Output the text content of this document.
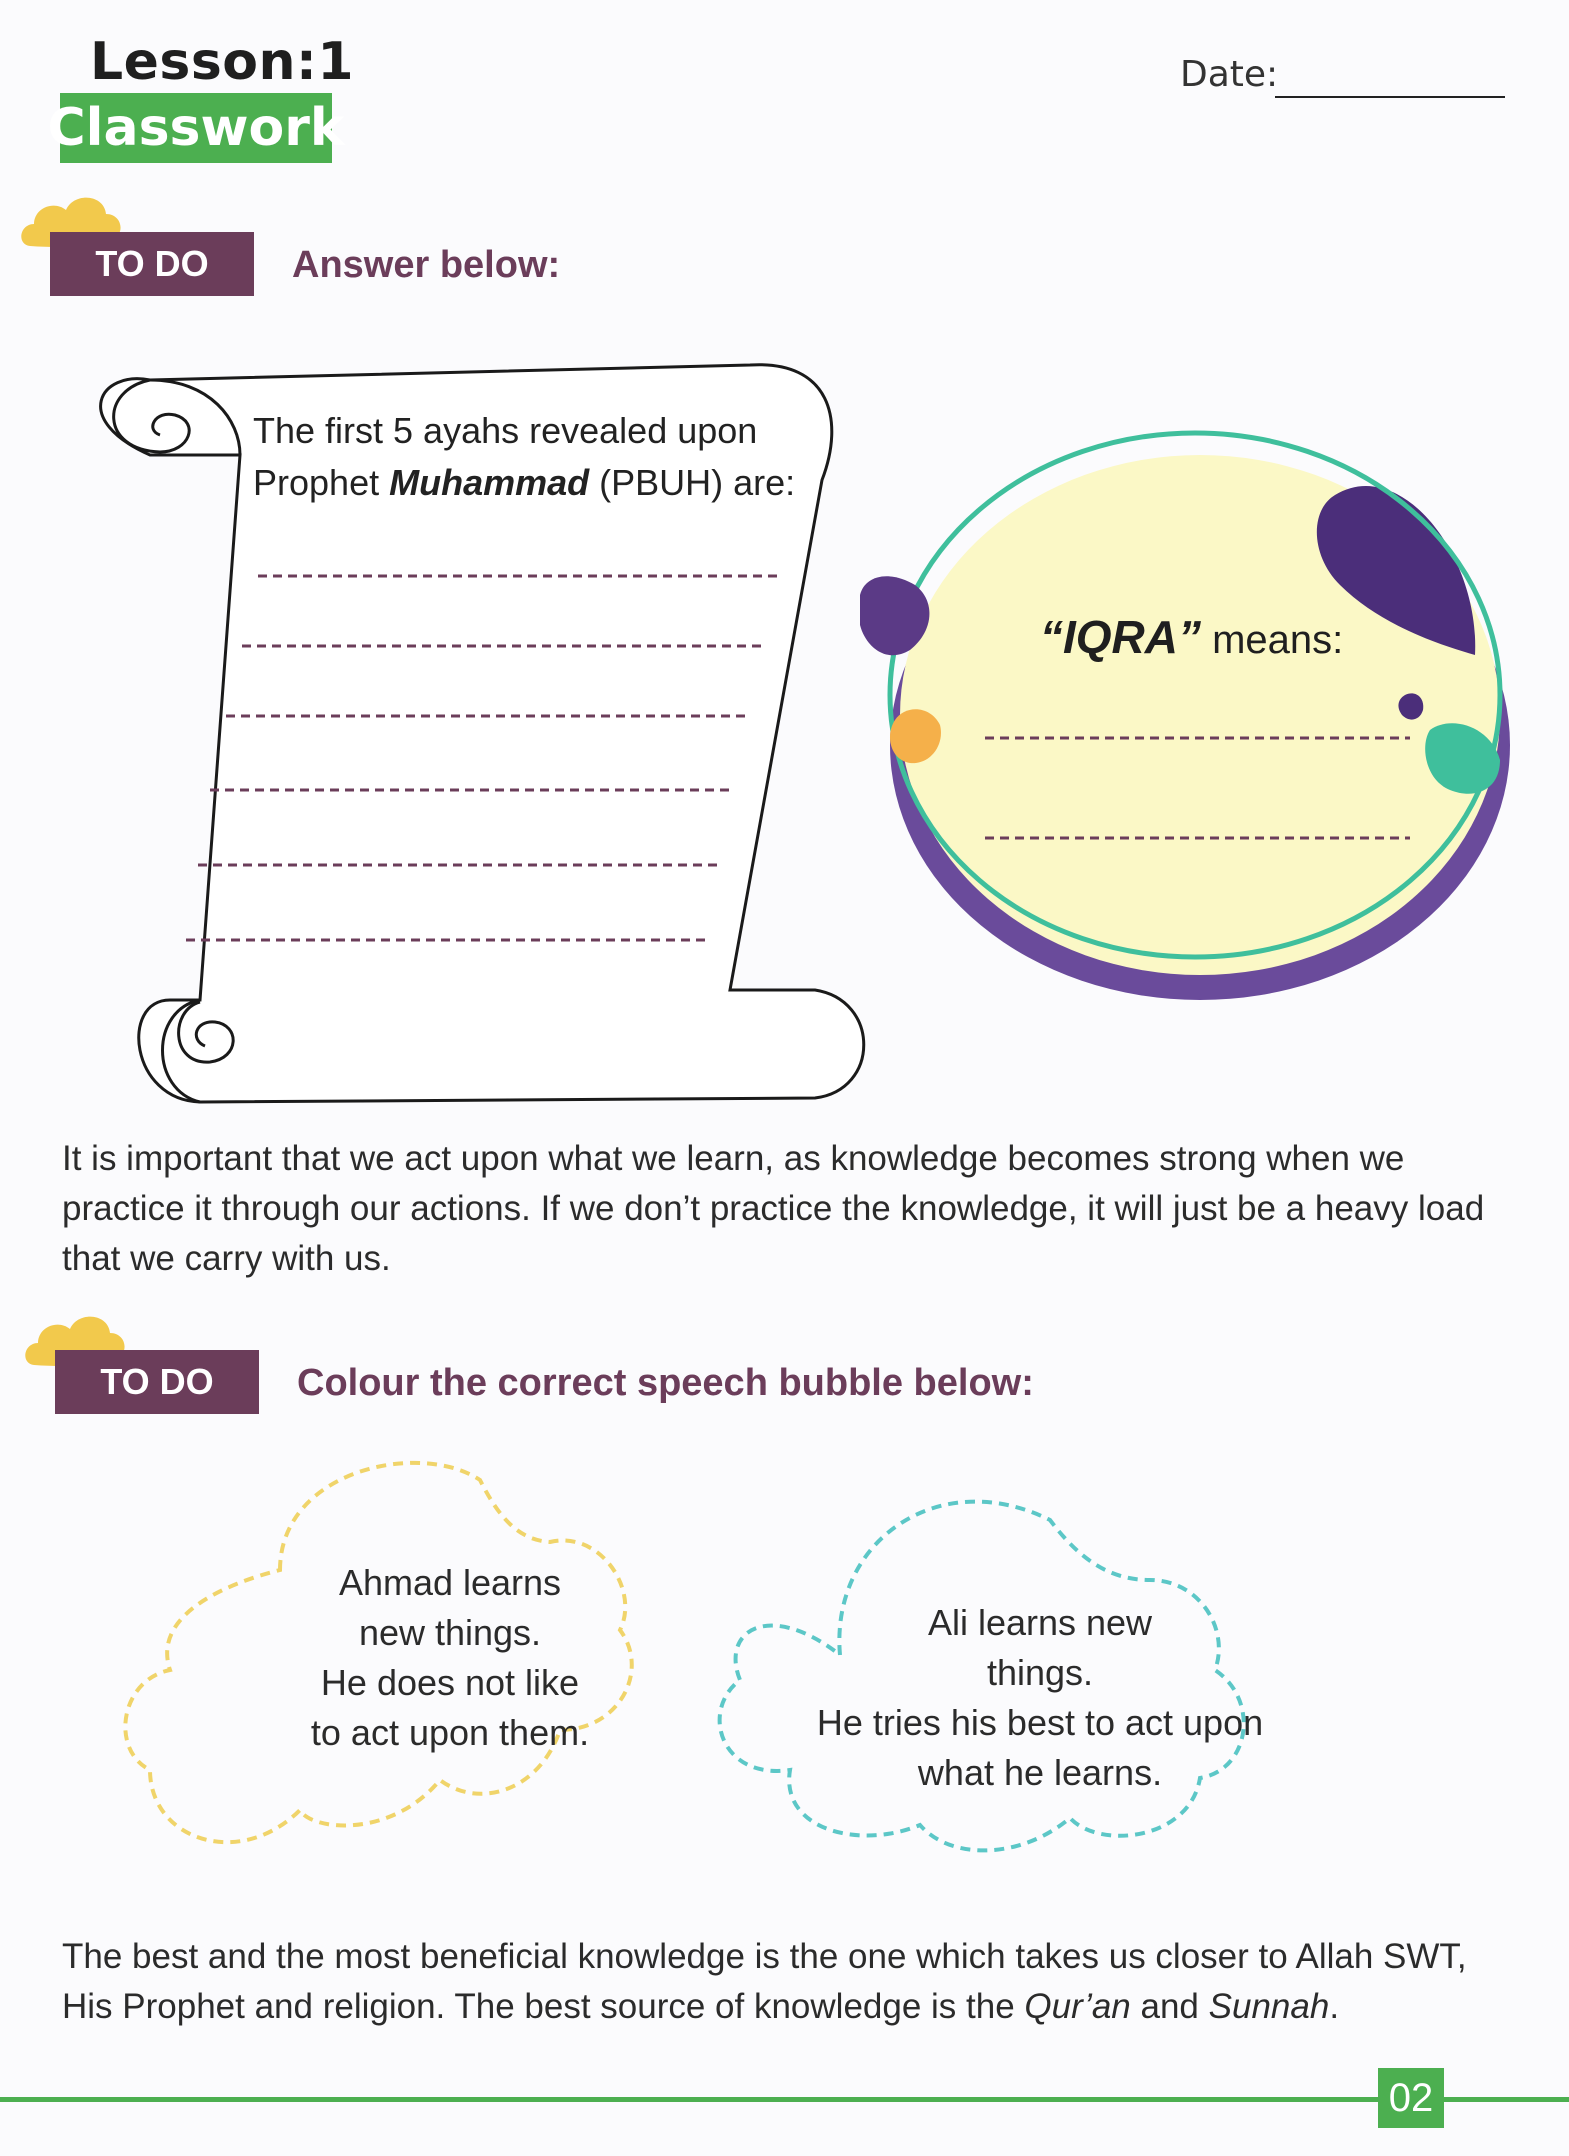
Lesson:1
Classwork
Date:
TO DO	Answer below:
The first 5 ayahs revealed upon Prophet Muhammad (PBUH) are:
“IQRA” means:
It is important that we act upon what we learn, as knowledge becomes strong when we practice it through our actions. If we don’t practice the knowledge, it will just be a heavy load that we carry with us.
TO DO	Colour the correct speech bubble below:
Ahmad learns
new things.
He does not like
to act upon them.
Ali learns new
things.
He tries his best to act upon
what he learns.
The best and the most beneficial knowledge is the one which takes us closer to Allah SWT, His Prophet and religion. The best source of knowledge is the Qur’an and Sunnah.
02
